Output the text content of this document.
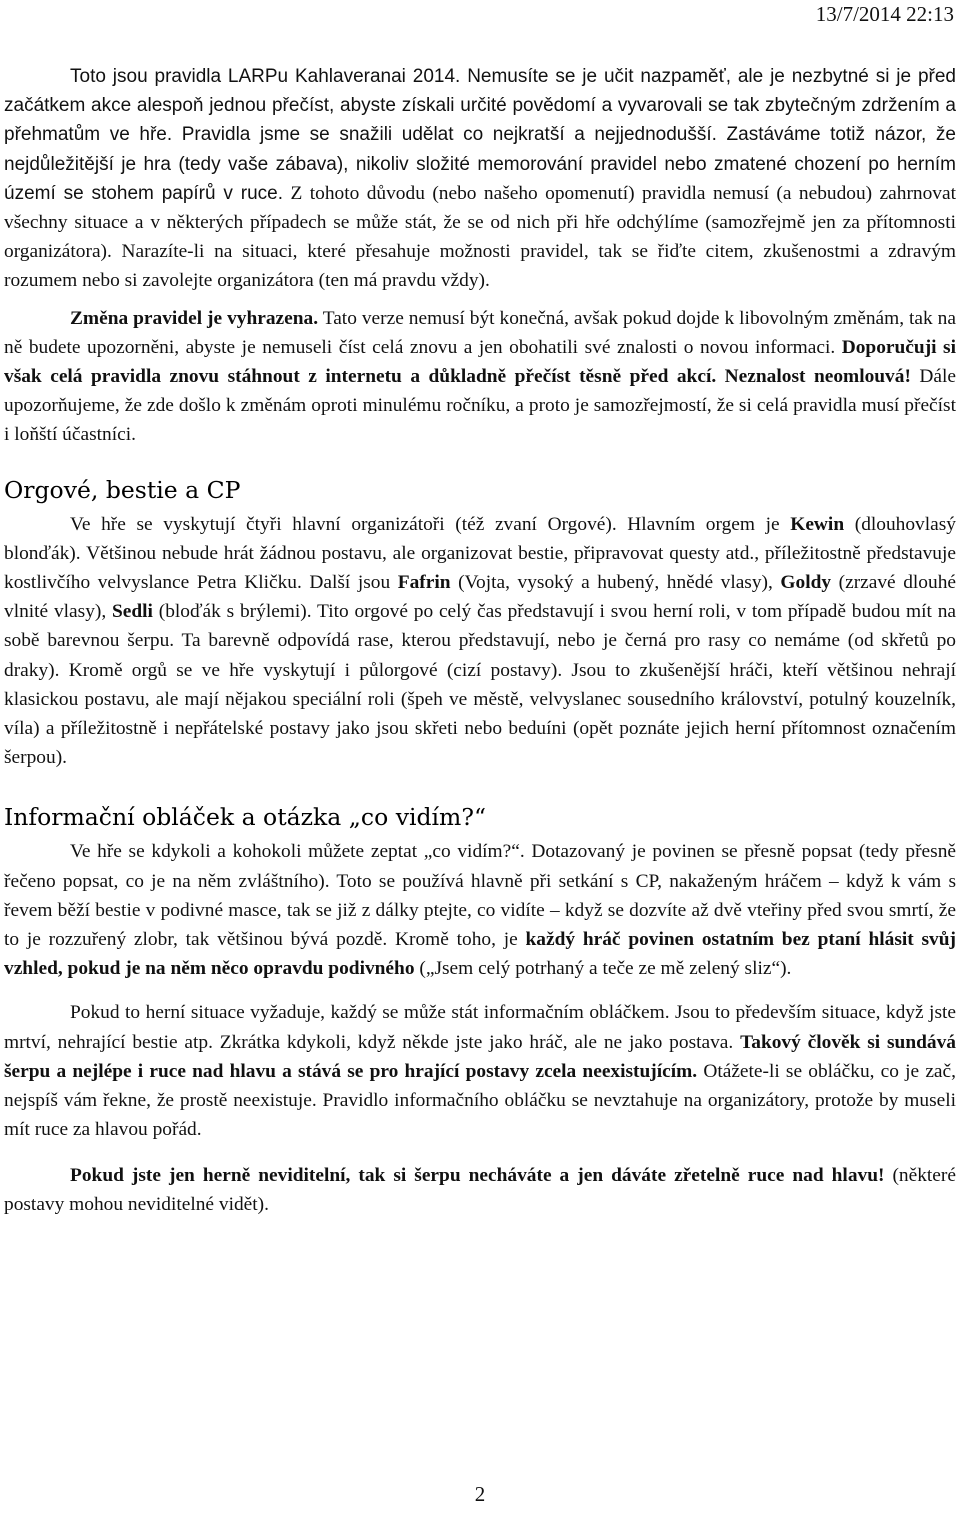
13/7/2014 22:13

Toto jsou pravidla LARPu Kahlaveranai 2014. Nemusíte se je učit nazpaměť, ale je nezbytné si je před začátkem akce alespoň jednou přečíst, abyste získali určité povědomí a vyvarovali se tak zbytečným zdržením a přehmatům ve hře. Pravidla jsme se snažili udělat co nejkratší a nejjednodušší. Zastáváme totiž názor, že nejdůležitější je hra (tedy vaše zábava), nikoliv složité memorování pravidel nebo zmatené chození po herním území se stohem papírů v ruce. Z tohoto důvodu (nebo našeho opomenutí) pravidla nemusí (a nebudou) zahrnovat všechny situace a v některých případech se může stát, že se od nich při hře odchýlíme (samozřejmě jen za přítomnosti organizátora). Narazíte-li na situaci, které přesahuje možnosti pravidel, tak se řiďte citem, zkušenostmi a zdravým rozumem nebo si zavolejte organizátora (ten má pravdu vždy).

Změna pravidel je vyhrazena. Tato verze nemusí být konečná, avšak pokud dojde k libovolným změnám, tak na ně budete upozorněni, abyste je nemuseli číst celá znovu a jen obohatili své znalosti o novou informaci. Doporučuji si však celá pravidla znovu stáhnout z internetu a důkladně přečíst těsně před akcí. Neznalost neomlouvá! Dále upozorňujeme, že zde došlo k změnám oproti minulému ročníku, a proto je samozřejmostí, že si celá pravidla musí přečíst i loňští účastníci.

Orgové, bestie a CP

Ve hře se vyskytují čtyři hlavní organizátoři (též zvaní Orgové). Hlavním orgem je Kewin (dlouhovlasý blonďák). Většinou nebude hrát žádnou postavu, ale organizovat bestie, připravovat questy atd., příležitostně představuje kostlivčího velvyslance Petra Kličku. Další jsou Fafrin (Vojta, vysoký a hubený, hnědé vlasy), Goldy (zrzavé dlouhé vlnité vlasy), Sedli (bloďák s brýlemi). Tito orgové po celý čas představují i svou herní roli, v tom případě budou mít na sobě barevnou šerpu. Ta barevně odpovídá rase, kterou představují, nebo je černá pro rasy co nemáme (od skřetů po draky). Kromě orgů se ve hře vyskytují i půlorgové (cizí postavy). Jsou to zkušenější hráči, kteří většinou nehrají klasickou postavu, ale mají nějakou speciální roli (špeh ve městě, velvyslanec sousedního království, potulný kouzelník, víla) a příležitostně i nepřátelské postavy jako jsou skřeti nebo beduíni (opět poznáte jejich herní přítomnost označením šerpou).

Informační obláček a otázka „co vidím?“

Ve hře se kdykoli a kohokoli můžete zeptat „co vidím?“. Dotazovaný je povinen se přesně popsat (tedy přesně řečeno popsat, co je na něm zvláštního). Toto se používá hlavně při setkání s CP, nakaženým hráčem – když k vám s řevem běží bestie v podivné masce, tak se již z dálky ptejte, co vidíte – když se dozvíte až dvě vteřiny před svou smrtí, že to je rozzuřený zlobr, tak většinou bývá pozdě. Kromě toho, je každý hráč povinen ostatním bez ptaní hlásit svůj vzhled, pokud je na něm něco opravdu podivného („Jsem celý potrhaný a teče ze mě zelený sliz“).

Pokud to herní situace vyžaduje, každý se může stát informačním obláčkem. Jsou to především situace, když jste mrtví, nehrající bestie atp. Zkrátka kdykoli, když někde jste jako hráč, ale ne jako postava. Takový člověk si sundává šerpu a nejlépe i ruce nad hlavu a stává se pro hrající postavy zcela neexistujícím. Otážete-li se obláčku, co je zač, nejspíš vám řekne, že prostě neexistuje. Pravidlo informačního obláčku se nevztahuje na organizátory, protože by museli mít ruce za hlavou pořád.

Pokud jste jen herně neviditelní, tak si šerpu necháváte a jen dáváte zřetelně ruce nad hlavu! (některé postavy mohou neviditelné vidět).

2
